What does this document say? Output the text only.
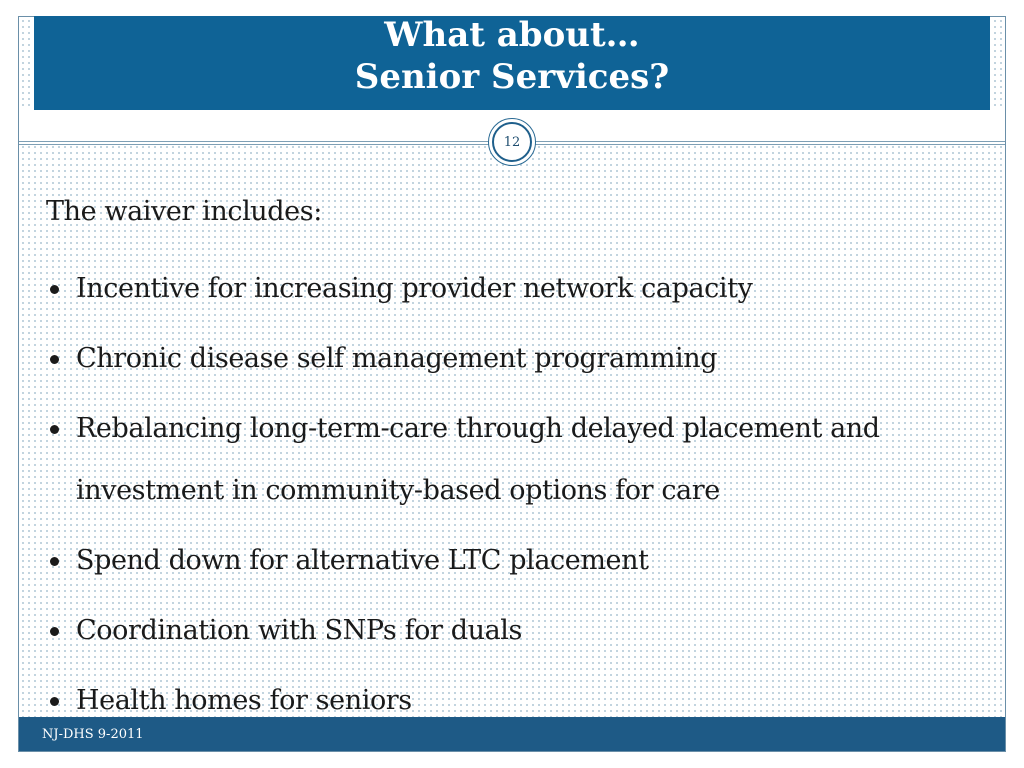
What about…
Senior Services?
12

The waiver includes:

Incentive for increasing provider network capacity
Chronic disease self management programming
Rebalancing long-term-care through delayed placement and investment in community-based options for care
Spend down for alternative LTC placement
Coordination with SNPs for duals
Health homes for seniors
NJ-DHS 9-2011
